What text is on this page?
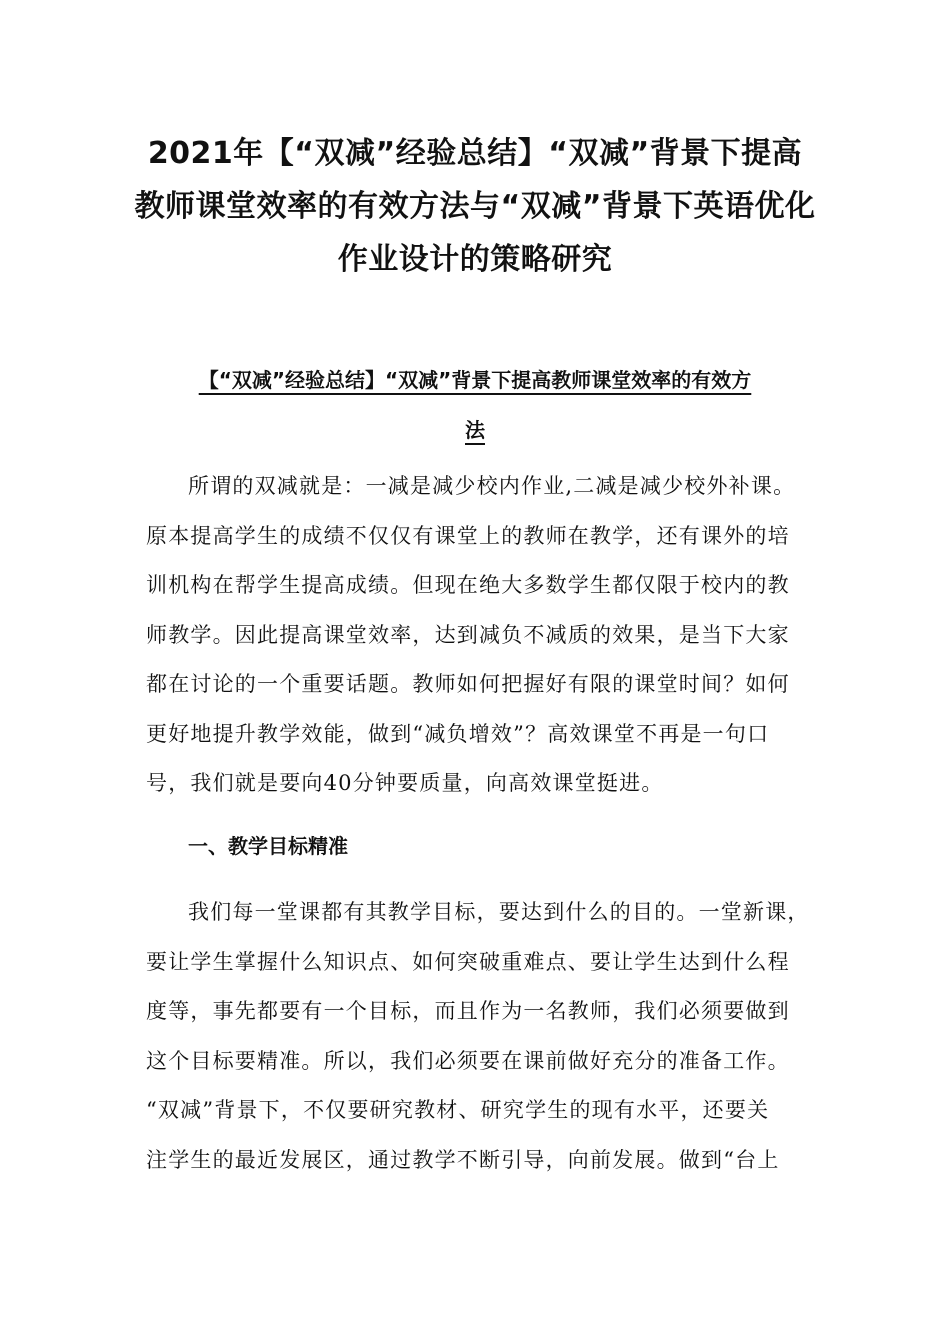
2021年【“双减”经验总结】“双减”背景下提高
教师课堂效率的有效方法与“双减”背景下英语优化
作业设计的策略研究
【“双减”经验总结】“双减”背景下提高教师课堂效率的有效方
法
所谓的双减就是：一减是减少校内作业,二减是减少校外补课。
原本提高学生的成绩不仅仅有课堂上的教师在教学，还有课外的培
训机构在帮学生提高成绩。但现在绝大多数学生都仅限于校内的教
师教学。因此提高课堂效率，达到减负不减质的效果，是当下大家
都在讨论的一个重要话题。教师如何把握好有限的课堂时间？如何
更好地提升教学效能，做到“减负增效”？高效课堂不再是一句口
号，我们就是要向40分钟要质量，向高效课堂挺进。
一、教学目标精准
我们每一堂课都有其教学目标，要达到什么的目的。一堂新课，
要让学生掌握什么知识点、如何突破重难点、要让学生达到什么程
度等，事先都要有一个目标，而且作为一名教师，我们必须要做到
这个目标要精准。所以，我们必须要在课前做好充分的准备工作。
“双减”背景下，不仅要研究教材、研究学生的现有水平，还要关
注学生的最近发展区，通过教学不断引导，向前发展。做到“台上
